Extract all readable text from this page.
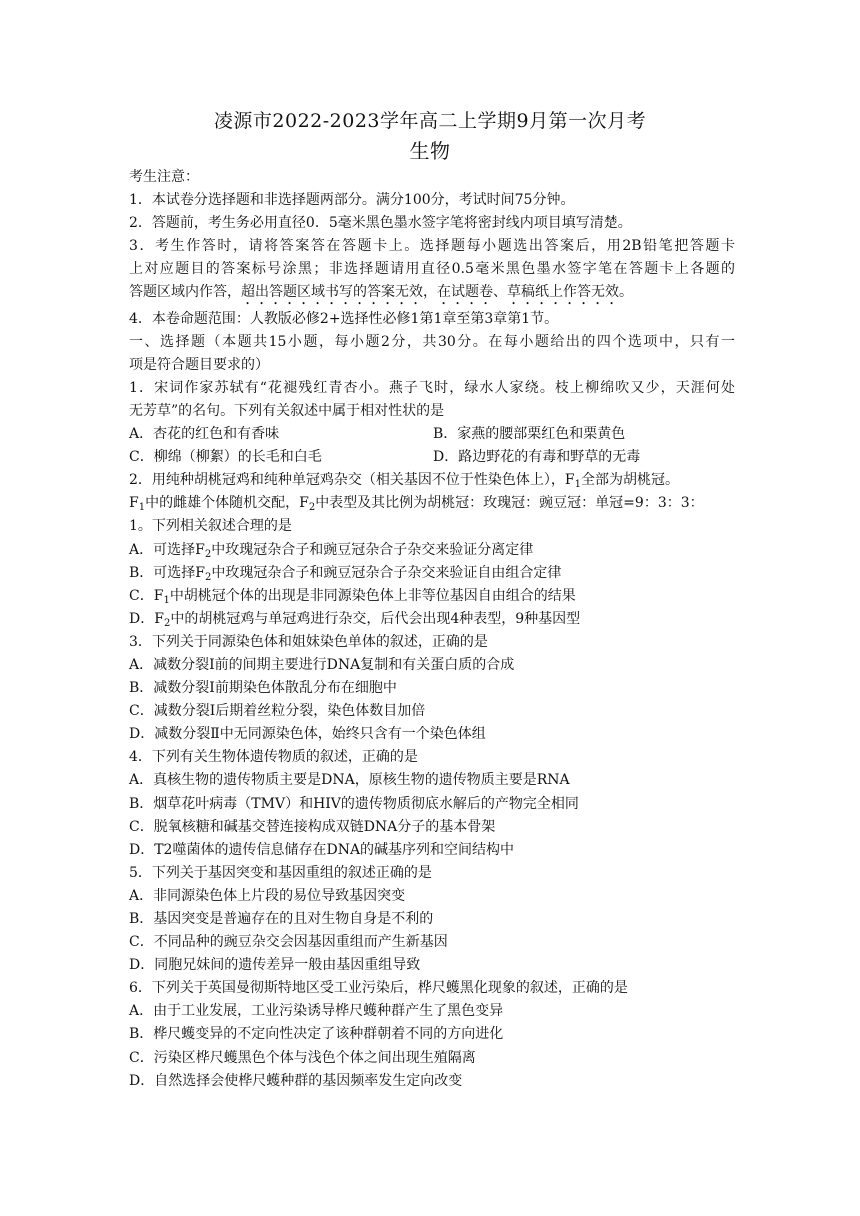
凌源市2022-2023学年高二上学期9月第一次月考
生物
考生注意：
1．本试卷分选择题和非选择题两部分。满分100分，考试时间75分钟。
2．答题前，考生务必用直径0．5毫米黑色墨水签字笔将密封线内项目填写清楚。
3．考生作答时，请将答案答在答题卡上。选择题每小题选出答案后，用2B铅笔把答题卡
上对应题目的答案标号涂黑；非选择题请用直径0.5毫米黑色墨水签字笔在答题卡上各题的
答题区域内作答，超出答题区域书写的答案无效，在试题卷、草稿纸上作答无效。
4．本卷命题范围：人教版必修2+选择性必修1第1章至第3章第1节。
一、选择题（本题共15小题，每小题2分，共30分。在每小题给出的四个选项中，只有一
项是符合题目要求的）
1．宋词作家苏轼有“花褪残红青杏小。燕子飞时，绿水人家绕。枝上柳绵吹又少，天涯何处
无芳草”的名句。下列有关叙述中属于相对性状的是
A．杏花的红色和有香味	B．家燕的腰部栗红色和栗黄色
C．柳绵（柳絮）的长毛和白毛	D．路边野花的有毒和野草的无毒
2．用纯种胡桃冠鸡和纯种单冠鸡杂交（相关基因不位于性染色体上），$F_1$全部为胡桃冠。
$F_1$中的雌雄个体随机交配，$F_2$中表型及其比例为胡桃冠：玫瑰冠：豌豆冠：单冠=9：3：3：
1。下列相关叙述合理的是
A．可选择$F_2$中玫瑰冠杂合子和豌豆冠杂合子杂交来验证分离定律
B．可选择$F_2$中玫瑰冠杂合子和豌豆冠杂合子杂交来验证自由组合定律
C．$F_1$中胡桃冠个体的出现是非同源染色体上非等位基因自由组合的结果
D．$F_2$中的胡桃冠鸡与单冠鸡进行杂交，后代会出现4种表型，9种基因型
3．下列关于同源染色体和姐妹染色单体的叙述，正确的是
A．减数分裂Ⅰ前的间期主要进行DNA复制和有关蛋白质的合成
B．减数分裂Ⅰ前期染色体散乱分布在细胞中
C．减数分裂Ⅰ后期着丝粒分裂，染色体数目加倍
D．减数分裂Ⅱ中无同源染色体，始终只含有一个染色体组
4．下列有关生物体遗传物质的叙述，正确的是
A．真核生物的遗传物质主要是DNA，原核生物的遗传物质主要是RNA
B．烟草花叶病毒（TMV）和HIV的遗传物质彻底水解后的产物完全相同
C．脱氧核糖和碱基交替连接构成双链DNA分子的基本骨架
D．T2噬菌体的遗传信息储存在DNA的碱基序列和空间结构中
5．下列关于基因突变和基因重组的叙述正确的是
A．非同源染色体上片段的易位导致基因突变
B．基因突变是普遍存在的且对生物自身是不利的
C．不同品种的豌豆杂交会因基因重组而产生新基因
D．同胞兄妹间的遗传差异一般由基因重组导致
6．下列关于英国曼彻斯特地区受工业污染后，桦尺蠖黑化现象的叙述，正确的是
A．由于工业发展，工业污染诱导桦尺蠖种群产生了黑色变异
B．桦尺蠖变异的不定向性决定了该种群朝着不同的方向进化
C．污染区桦尺蠖黑色个体与浅色个体之间出现生殖隔离
D．自然选择会使桦尺蠖种群的基因频率发生定向改变
